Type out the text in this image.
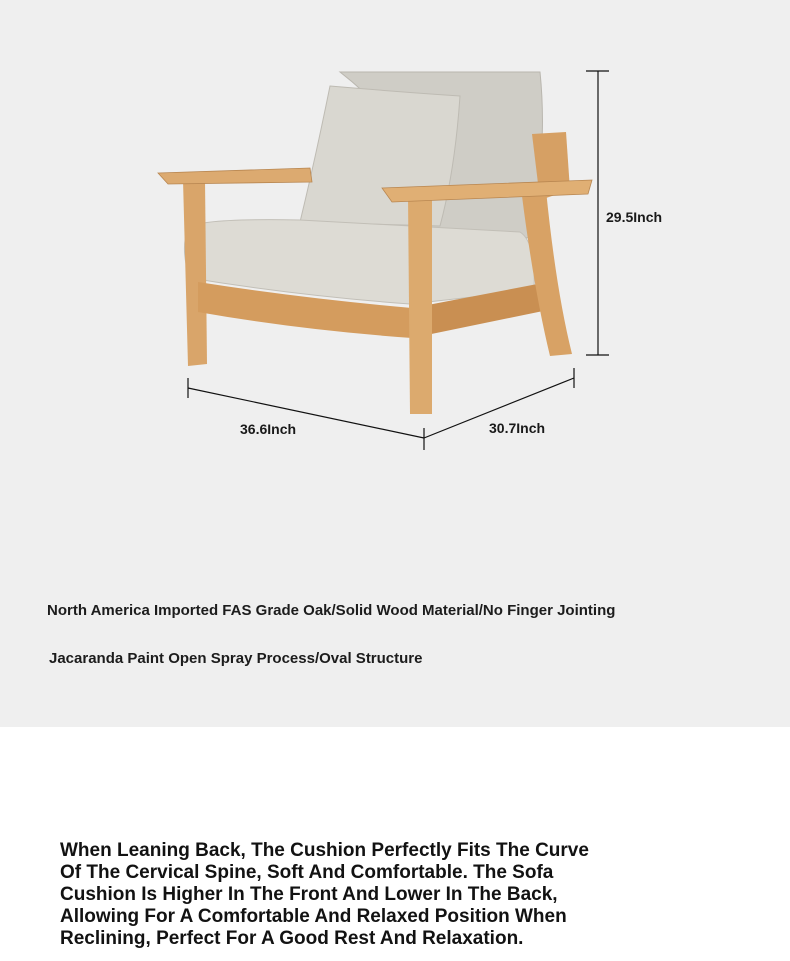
29.5Inch
36.6Inch	30.7Inch
North America Imported FAS Grade Oak/Solid Wood Material/No Finger Jointing
Jacaranda Paint Open Spray Process/Oval Structure

When Leaning Back, The Cushion Perfectly Fits The Curve Of The Cervical Spine, Soft And Comfortable. The Sofa Cushion Is Higher In The Front And Lower In The Back, Allowing For A Comfortable And Relaxed Position When Reclining, Perfect For A Good Rest And Relaxation.
